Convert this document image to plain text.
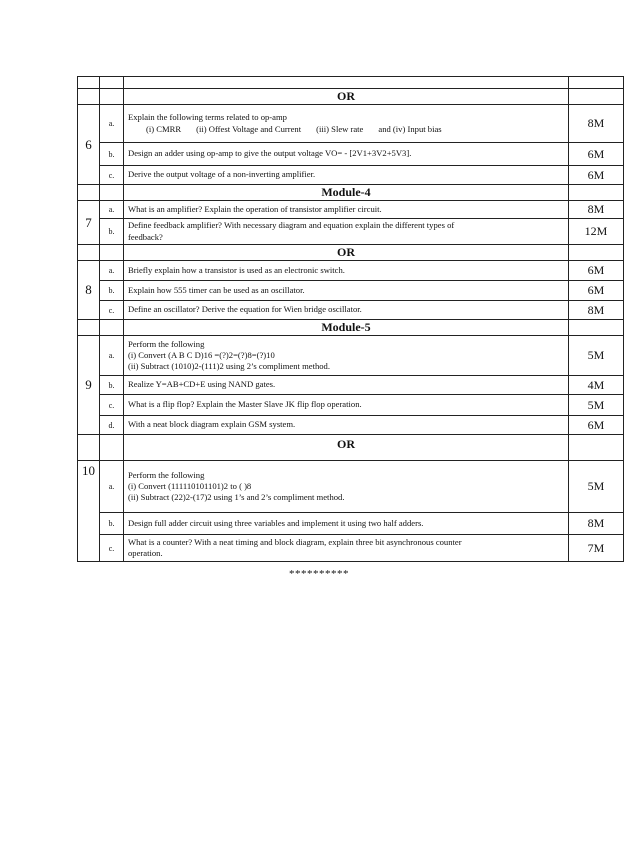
		OR	
6	a.	Explain the following terms related to op-amp
(i) CMRR (ii) Offest Voltage and Current (iii) Slew rate and (iv) Input bias	8M
	b.	Design an adder using op-amp to give the output voltage VO= - [2V1+3V2+5V3].	6M
	c.	Derive the output voltage of a non-inverting amplifier.	6M
		Module-4	
7	a.	What is an amplifier? Explain the operation of transistor amplifier circuit.	8M
	b.	Define feedback amplifier? With necessary diagram and equation explain the different types of
feedback?	12M
		OR	
8	a.	Briefly explain how a transistor is used as an electronic switch.	6M
	b.	Explain how 555 timer can be used as an oscillator.	6M
	c.	Define an oscillator? Derive the equation for Wien bridge oscillator.	8M
		Module-5	
9	a.	Perform the following
(i) Convert (A B C D)16 =(?)2=(?)8=(?)10
(ii) Subtract (1010)2-(111)2 using 2’s compliment method.	5M
	b.	Realize Y=AB+CD+E using NAND gates.	4M
	c.	What is a flip flop? Explain the Master Slave JK flip flop operation.	5M
	d.	With a neat block diagram explain GSM system.	6M
		OR	
10	a.	Perform the following
(i) Convert (111110101101)2 to ( )8
(ii) Subtract (22)2-(17)2 using 1’s and 2’s compliment method.	5M
	b.	Design full adder circuit using three variables and implement it using two half adders.	8M
	c.	What is a counter? With a neat timing and block diagram, explain three bit asynchronous counter
operation.	7M
**********
